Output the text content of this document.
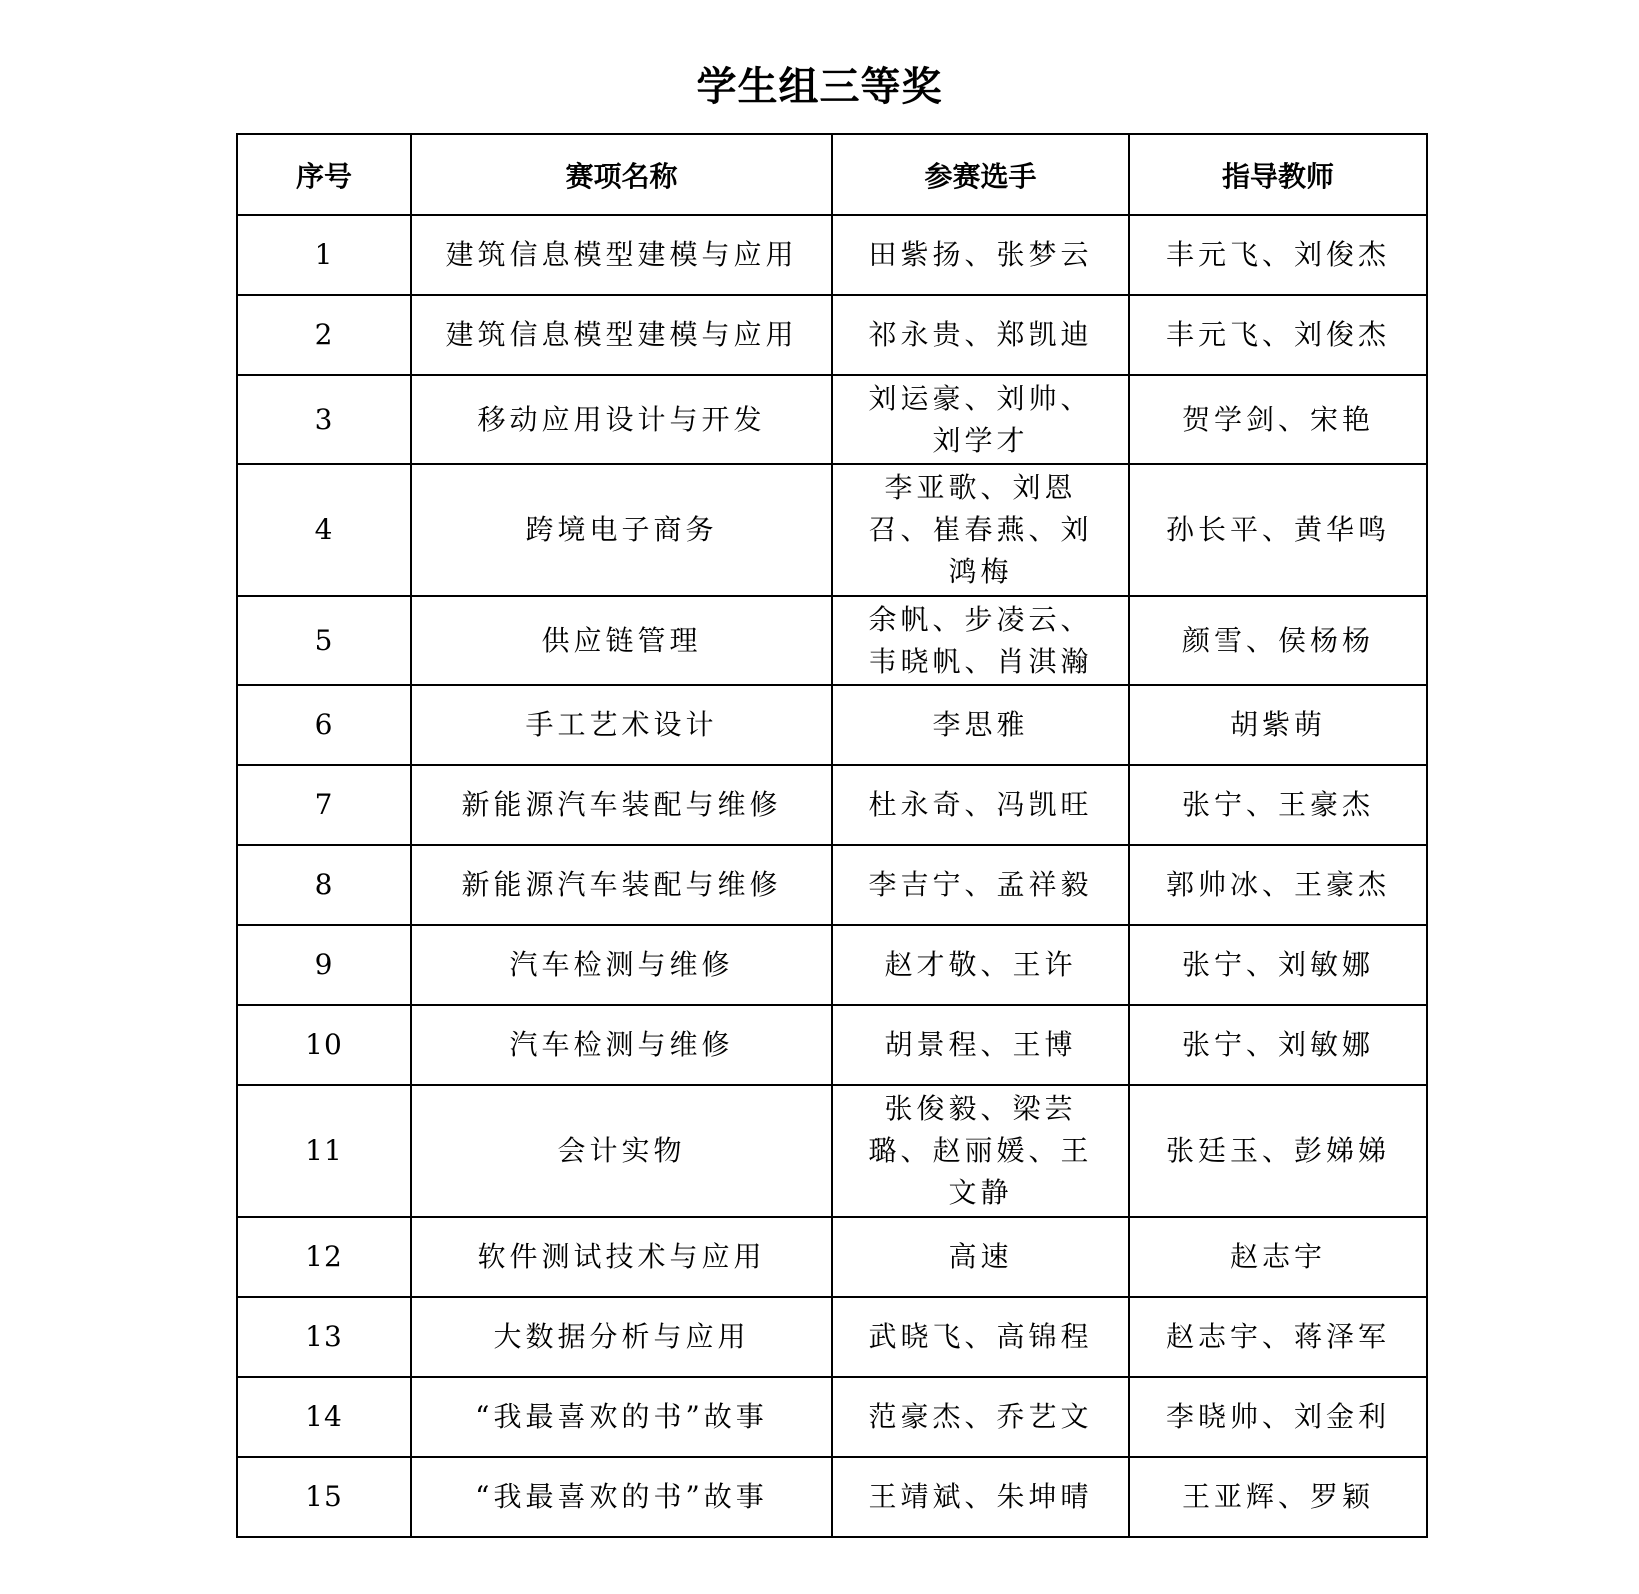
学生组三等奖
序号	赛项名称	参赛选手	指导教师
1	建筑信息模型建模与应用	田紫扬、张梦云	丰元飞、刘俊杰
2	建筑信息模型建模与应用	祁永贵、郑凯迪	丰元飞、刘俊杰
3	移动应用设计与开发	刘运豪、刘帅、刘学才	贺学剑、宋艳
4	跨境电子商务	李亚歌、刘恩召、崔春燕、刘鸿梅	孙长平、黄华鸣
5	供应链管理	余帆、步凌云、韦晓帆、肖淇瀚	颜雪、侯杨杨
6	手工艺术设计	李思雅	胡紫萌
7	新能源汽车装配与维修	杜永奇、冯凯旺	张宁、王豪杰
8	新能源汽车装配与维修	李吉宁、孟祥毅	郭帅冰、王豪杰
9	汽车检测与维修	赵才敬、王许	张宁、刘敏娜
10	汽车检测与维修	胡景程、王博	张宁、刘敏娜
11	会计实物	张俊毅、梁芸璐、赵丽媛、王文静	张廷玉、彭娣娣
12	软件测试技术与应用	高速	赵志宇
13	大数据分析与应用	武晓飞、高锦程	赵志宇、蒋泽军
14	“我最喜欢的书”故事	范豪杰、乔艺文	李晓帅、刘金利
15	“我最喜欢的书”故事	王靖斌、朱坤晴	王亚辉、罗颖
